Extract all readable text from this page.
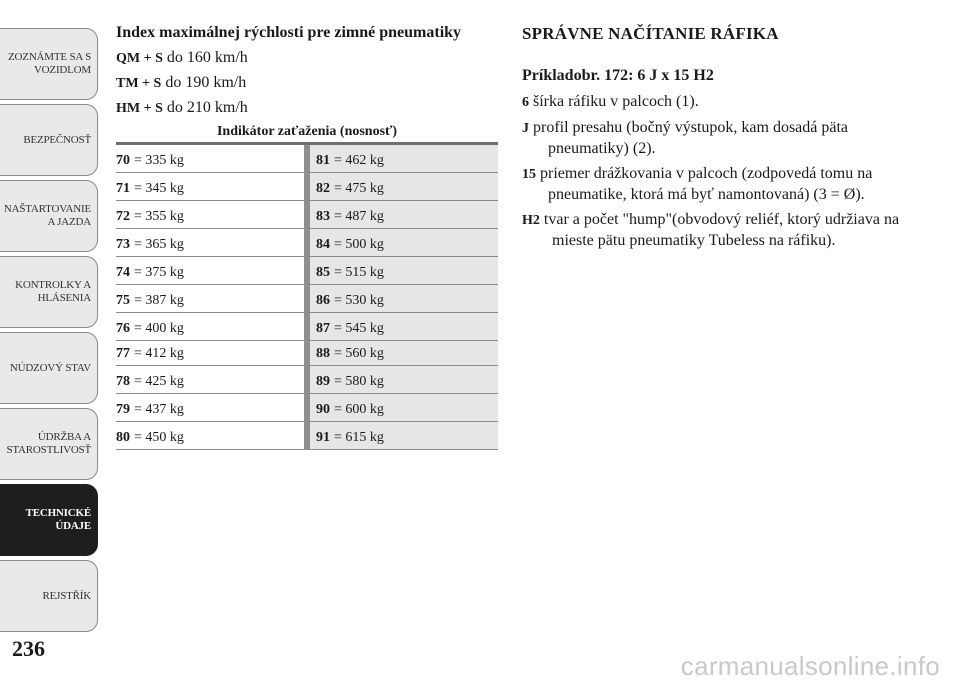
ZOZNÁMTE SA S
VOZIDLOM
BEZPEČNOSŤ
NAŠTARTOVANIE
A JAZDA
KONTROLKY A
HLÁSENIA
NÚDZOVÝ STAV
ÚDRŽBA A
STAROSTLIVOSŤ
TECHNICKÉ
ÚDAJE
REJSTŘÍK
236
Index maximálnej rýchlosti pre zimné pneumatiky
QM + S do 160 km/h
TM + S do 190 km/h
HM + S do 210 km/h
Indikátor zaťaženia (nosnosť)
70 = 335 kg	81 = 462 kg
71 = 345 kg	82 = 475 kg
72 = 355 kg	83 = 487 kg
73 = 365 kg	84 = 500 kg
74 = 375 kg	85 = 515 kg
75 = 387 kg	86 = 530 kg
76 = 400 kg	87 = 545 kg
77 = 412 kg	88 = 560 kg
78 = 425 kg	89 = 580 kg
79 = 437 kg	90 = 600 kg
80 = 450 kg	91 = 615 kg
SPRÁVNE NAČÍTANIE RÁFIKA
Príkladobr. 172: 6 J x 15 H2
6 šírka ráfiku v palcoch (1).
J profil presahu (bočný výstupok, kam dosadá päta pneumatiky) (2).
15 priemer drážkovania v palcoch (zodpovedá tomu na pneumatike, ktorá má byť namontovaná) (3 = Ø).
H2 tvar a počet "hump"(obvodový reliéf, ktorý udržiava na mieste pätu pneumatiky Tubeless na ráfiku).
carmanualsonline.info
